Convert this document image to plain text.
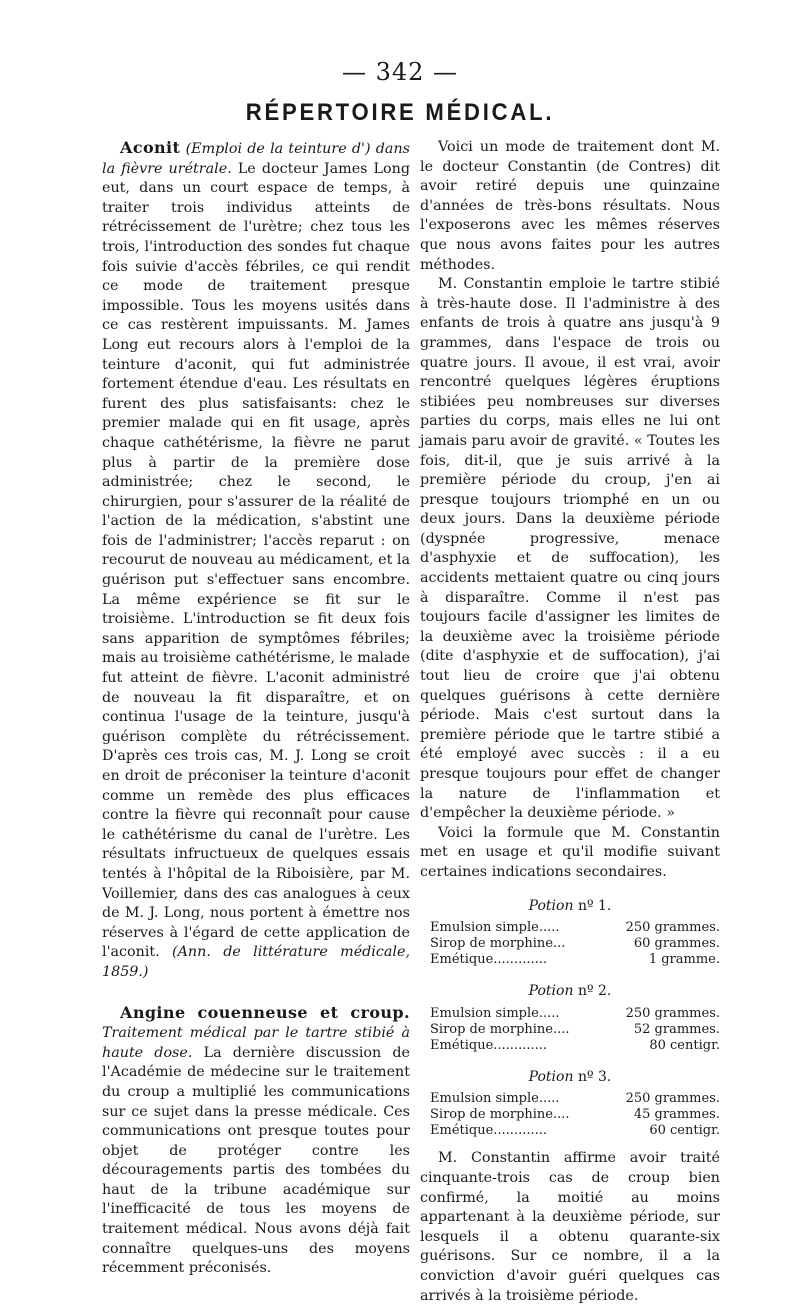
— 342 —
RÉPERTOIRE MÉDICAL.

Aconit (Emploi de la teinture d') dans la fièvre urétrale. Le docteur James Long eut, dans un court espace de temps, à traiter trois individus atteints de rétrécissement de l'urètre; chez tous les trois, l'introduction des sondes fut chaque fois suivie d'accès fébriles, ce qui rendit ce mode de traitement presque impossible. Tous les moyens usités dans ce cas restèrent impuissants. M. James Long eut recours alors à l'emploi de la teinture d'aconit, qui fut administrée fortement étendue d'eau. Les résultats en furent des plus satisfaisants: chez le premier malade qui en fit usage, après chaque cathétérisme, la fièvre ne parut plus à partir de la première dose administrée; chez le second, le chirurgien, pour s'assurer de la réalité de l'action de la médication, s'abstint une fois de l'administrer; l'accès reparut : on recourut de nouveau au médicament, et la guérison put s'effectuer sans encombre. La même expérience se fit sur le troisième. L'introduction se fit deux fois sans apparition de symptômes fébriles; mais au troisième cathétérisme, le malade fut atteint de fièvre. L'aconit administré de nouveau la fit disparaître, et on continua l'usage de la teinture, jusqu'à guérison complète du rétrécissement. D'après ces trois cas, M. J. Long se croit en droit de préconiser la teinture d'aconit comme un remède des plus efficaces contre la fièvre qui reconnaît pour cause le cathétérisme du canal de l'urètre. Les résultats infructueux de quelques essais tentés à l'hôpital de la Riboisière, par M. Voillemier, dans des cas analogues à ceux de M. J. Long, nous portent à émettre nos réserves à l'égard de cette application de l'aconit. (Ann. de littérature médicale, 1859.)

Angine couenneuse et croup. Traitement médical par le tartre stibié à haute dose. La dernière discussion de l'Académie de médecine sur le traitement du croup a multiplié les communications sur ce sujet dans la presse médicale. Ces communications ont presque toutes pour objet de protéger contre les découragements partis des tombées du haut de la tribune académique sur l'inefficacité de tous les moyens de traitement médical. Nous avons déjà fait connaître quelques-uns des moyens récemment préconisés.

Voici un mode de traitement dont M. le docteur Constantin (de Contres) dit avoir retiré depuis une quinzaine d'années de très-bons résultats. Nous l'exposerons avec les mêmes réserves que nous avons faites pour les autres méthodes.

M. Constantin emploie le tartre stibié à très-haute dose. Il l'administre à des enfants de trois à quatre ans jusqu'à 9 grammes, dans l'espace de trois ou quatre jours. Il avoue, il est vrai, avoir rencontré quelques légères éruptions stibiées peu nombreuses sur diverses parties du corps, mais elles ne lui ont jamais paru avoir de gravité. « Toutes les fois, dit-il, que je suis arrivé à la première période du croup, j'en ai presque toujours triomphé en un ou deux jours. Dans la deuxième période (dyspnée progressive, menace d'asphyxie et de suffocation), les accidents mettaient quatre ou cinq jours à disparaître. Comme il n'est pas toujours facile d'assigner les limites de la deuxième avec la troisième période (dite d'asphyxie et de suffocation), j'ai tout lieu de croire que j'ai obtenu quelques guérisons à cette dernière période. Mais c'est surtout dans la première période que le tartre stibié a été employé avec succès : il a eu presque toujours pour effet de changer la nature de l'inflammation et d'empêcher la deuxième période. »

Voici la formule que M. Constantin met en usage et qu'il modifie suivant certaines indications secondaires.

Potion nº 1.
Emulsion simple.....	250 grammes.
Sirop de morphine...	60 grammes.
Emétique.............	1 gramme.
Potion nº 2.
Emulsion simple.....	250 grammes.
Sirop de morphine....	52 grammes.
Emétique.............	80 centigr.
Potion nº 3.
Emulsion simple.....	250 grammes.
Sirop de morphine....	45 grammes.
Emétique.............	60 centigr.

M. Constantin affirme avoir traité cinquante-trois cas de croup bien confirmé, la moitié au moins appartenant à la deuxième période, sur lesquels il a obtenu quarante-six guérisons. Sur ce nombre, il a la conviction d'avoir guéri quelques cas arrivés à la troisième période.
